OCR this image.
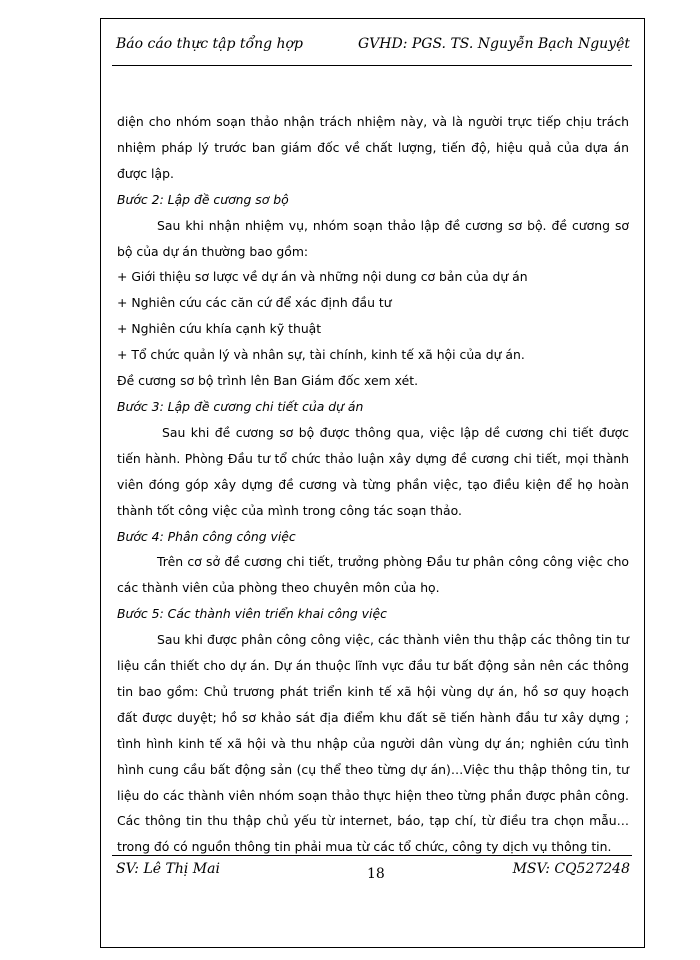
Báo cáo thực tập tổng hợp	GVHD: PGS. TS. Nguyễn Bạch Nguyệt

diện cho nhóm soạn thảo nhận trách nhiệm này, và là người trực tiếp chịu trách nhiệm pháp lý trước ban giám đốc về chất lượng, tiến độ, hiệu quả của dựa án được lập.

Bước 2: Lập đề cương sơ bộ

Sau khi nhận nhiệm vụ, nhóm soạn thảo lập đề cương sơ bộ. đề cương sơ bộ của dự án thường bao gồm:

+ Giới thiệu sơ lược về dự án và những nội dung cơ bản của dự án

+ Nghiên cứu các căn cứ để xác định đầu tư

+ Nghiên cứu khía cạnh kỹ thuật

+ Tổ chức quản lý và nhân sự, tài chính, kinh tế xã hội của dự án.

Đề cương sơ bộ trình lên Ban Giám đốc xem xét.

Bước 3: Lập đề cương chi tiết của dự án

Sau khi đề cương sơ bộ được thông qua, việc lập dề cương chi tiết được tiến hành. Phòng Đầu tư tổ chức thảo luận xây dựng đề cương chi tiết, mọi thành viên đóng góp xây dựng đề cương và từng phần việc, tạo điều kiện để họ hoàn thành tốt công việc của mình trong công tác soạn thảo.

Bước 4: Phân công công việc

Trên cơ sở đề cương chi tiết, trưởng phòng Đầu tư phân công công việc cho các thành viên của phòng theo chuyên môn của họ.

Bước 5: Các thành viên triển khai công việc

Sau khi được phân công công việc, các thành viên thu thập các thông tin tư liệu cần thiết cho dự án. Dự án thuộc lĩnh vực đầu tư bất động sản nên các thông tin bao gồm: Chủ trương phát triển kinh tế xã hội vùng dự án, hồ sơ quy hoạch đất được duyệt; hồ sơ khảo sát địa điểm khu đất sẽ tiến hành đầu tư xây dựng ; tình hình kinh tế xã hội và thu nhập của người dân vùng dự án; nghiên cứu tình hình cung cầu bất động sản (cụ thể theo từng dự án)…Việc thu thập thông tin, tư liệu do các thành viên nhóm soạn thảo thực hiện theo từng phần được phân công. Các thông tin thu thập chủ yếu từ internet, báo, tạp chí, từ điều tra chọn mẫu…trong đó có nguồn thông tin phải mua từ các tổ chức, công ty dịch vụ thông tin.

SV: Lê Thị Mai	18	MSV: CQ527248
